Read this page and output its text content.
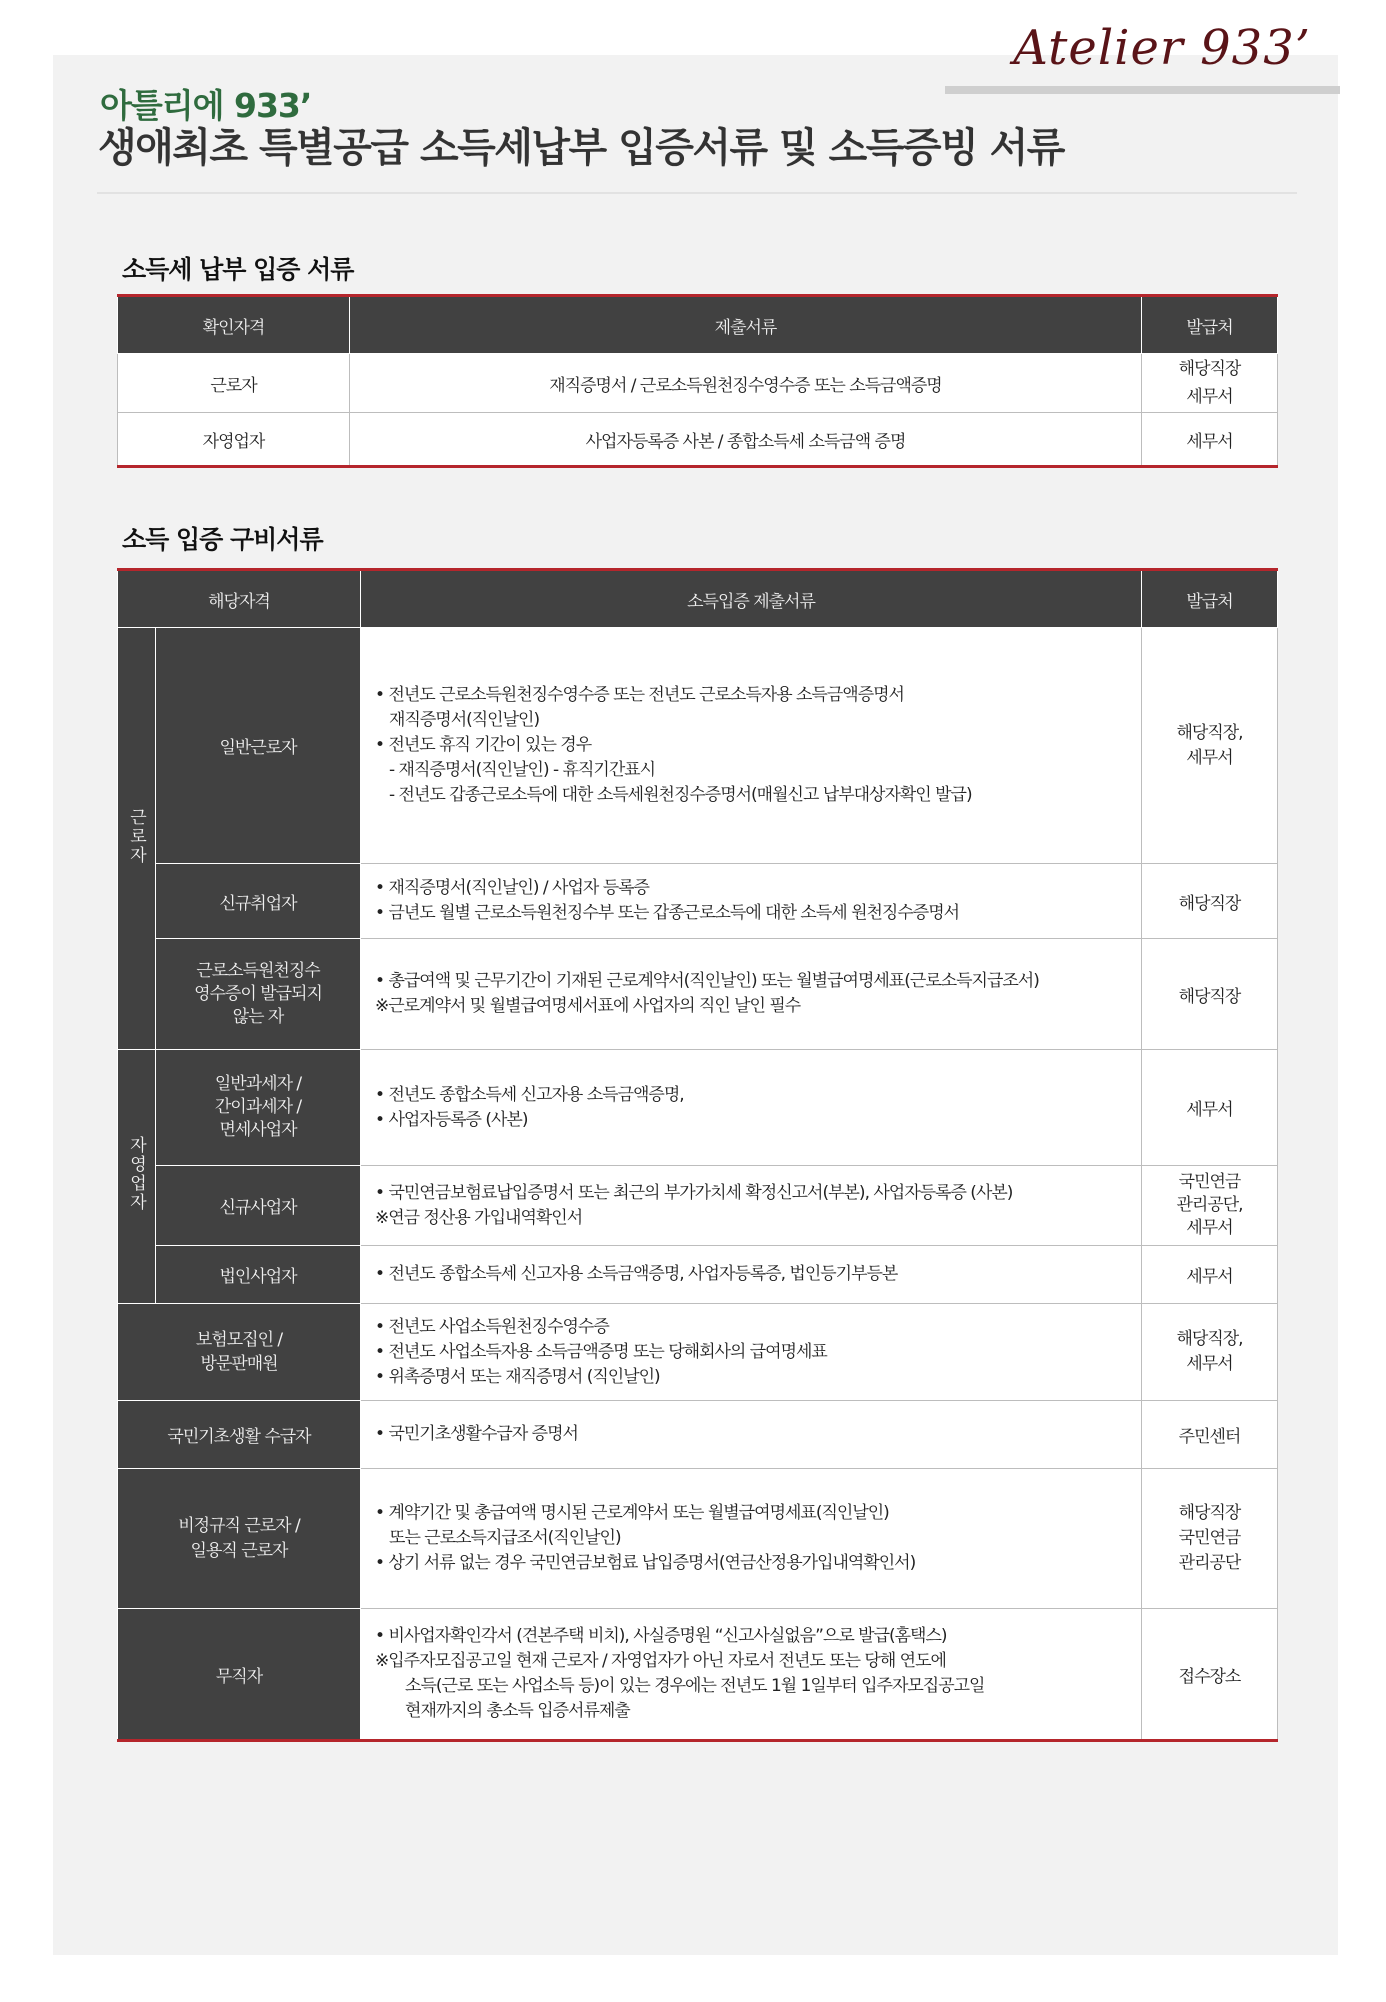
Atelier 933’
아틀리에 933’
생애최초 특별공급 소득세납부 입증서류 및 소득증빙 서류
소득세 납부 입증 서류
확인자격	제출서류	발급처
근로자	재직증명서 / 근로소득원천징수영수증 또는 소득금액증명	해당직장
세무서

자영업자	사업자등록증 사본 / 종합소득세 소득금액 증명	세무서
소득 입증 구비서류
해당자격		소득입증 제출서류	발급처
근로자	일반근로자	• 전년도 근로소득원천징수영수증 또는 전년도 근로소득자용 소득금액증명서
재직증명서(직인날인)
• 전년도 휴직 기간이 있는 경우
- 재직증명서(직인날인) - 휴직기간표시
- 전년도 갑종근로소득에 대한 소득세원천징수증명서(매월신고 납부대상자확인 발급)	해당직장,
세무서

	신규취업자	• 재직증명서(직인날인) / 사업자 등록증
• 금년도 월별 근로소득원천징수부 또는 갑종근로소득에 대한 소득세 원천징수증명서	해당직장

	근로소득원천징수
영수증이 발급되지
않는 자	• 총급여액 및 근무기간이 기재된 근로계약서(직인날인) 또는 월별급여명세표(근로소득지급조서)
※근로계약서 및 월별급여명세서표에 사업자의 직인 날인 필수	해당직장
자영업자	일반과세자 /
간이과세자 /
면세사업자	• 전년도 종합소득세 신고자용 소득금액증명,
• 사업자등록증 (사본)	세무서
	신규사업자	• 국민연금보험료납입증명서 또는 최근의 부가가치세 확정신고서(부본), 사업자등록증 (사본)
※연금 정산용 가입내역확인서	국민연금
관리공단,
세무서

	법인사업자	• 전년도 종합소득세 신고자용 소득금액증명, 사업자등록증, 법인등기부등본	세무서

보험모집인 /
방문판매원		• 전년도 사업소득원천징수영수증
• 전년도 사업소득자용 소득금액증명 또는 당해회사의 급여명세표
• 위촉증명서 또는 재직증명서 (직인날인)	해당직장,
세무서

국민기초생활 수급자		• 국민기초생활수급자 증명서	주민센터

비정규직 근로자 /
일용직 근로자		• 계약기간 및 총급여액 명시된 근로계약서 또는 월별급여명세표(직인날인)
또는 근로소득지급조서(직인날인)
• 상기 서류 없는 경우 국민연금보험료 납입증명서(연금산정용가입내역확인서)	해당직장
국민연금
관리공단

무직자		• 비사업자확인각서 (견본주택 비치), 사실증명원 “신고사실없음”으로 발급(홈택스)
※입주자모집공고일 현재 근로자 / 자영업자가 아닌 자로서 전년도 또는 당해 연도에
소득(근로 또는 사업소득 등)이 있는 경우에는 전년도 1월 1일부터 입주자모집공고일
현재까지의 총소득 입증서류제출	접수장소
